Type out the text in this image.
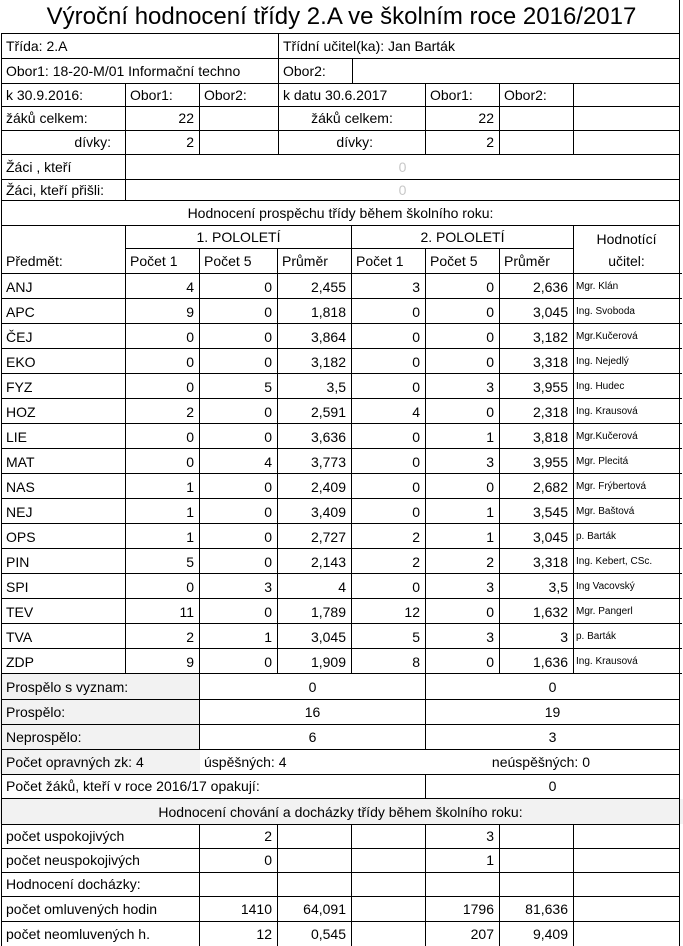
Výroční hodnocení třídy 2.A ve školním roce 2016/2017
Třída: 2.A	Třídní učitel(ka): Jan Barták
Obor1: 18-20-M/01 Informační techno	Obor2:
k 30.9.2016:	Obor1:	Obor2:	k datu 30.6.2017	Obor1:	Obor2:
žáků celkem:	22	žáků celkem:	22
dívky:	2	dívky:	2
Žáci , kteří	0
Žáci, kteří přišli:	0
Hodnocení prospěchu třídy během školního roku:
1. POLOLETÍ	2. POLOLETÍ	Hodnotící
učitel:
Předmět:	Počet 1	Počet 5	Průměr	Počet 1	Počet 5	Průměr
ANJ	4	0	2,455	3	0	2,636 Mgr. Klán
APC	9	0	1,818	0	0	3,045 Ing. Svoboda
ČEJ	0	0	3,864	0	0	3,182 Mgr.Kučerová
EKO	0	0	3,182	0	0	3,318 Ing. Nejedlý
FYZ	0	5	3,5	0	3	3,955 Ing. Hudec
HOZ	2	0	2,591	4	0	2,318 Ing. Krausová
LIE	0	0	3,636	0	1	3,818 Mgr.Kučerová
MAT	0	4	3,773	0	3	3,955 Mgr. Plecitá
NAS	1	0	2,409	0	0	2,682 Mgr. Frýbertová
NEJ	1	0	3,409	0	1	3,545 Mgr. Baštová
OPS	1	0	2,727	2	1	3,045 p. Barták
PIN	5	0	2,143	2	2	3,318 Ing. Kebert, CSc.
SPI	0	3	4	0	3	3,5 Ing Vacovský
TEV	11	0	1,789	12	0	1,632 Mgr. Pangerl
TVA	2	1	3,045	5	3	3 p. Barták
ZDP	9	0	1,909	8	0	1,636 Ing. Krausová
Prospělo s vyznam:	0	0
Prospělo:	16	19
Neprospělo:	6	3
Počet opravných zk: 4	úspěšných: 4	neúspěšných: 0
Počet žáků, kteří v roce 2016/17 opakují:	0
Hodnocení chování a docházky třídy během školního roku:
počet uspokojivých	2	3
počet neuspokojivých	0	1
Hodnocení docházky:
počet omluvených hodin	1410	64,091	1796	81,636
počet neomluvených h.	12	0,545	207	9,409
